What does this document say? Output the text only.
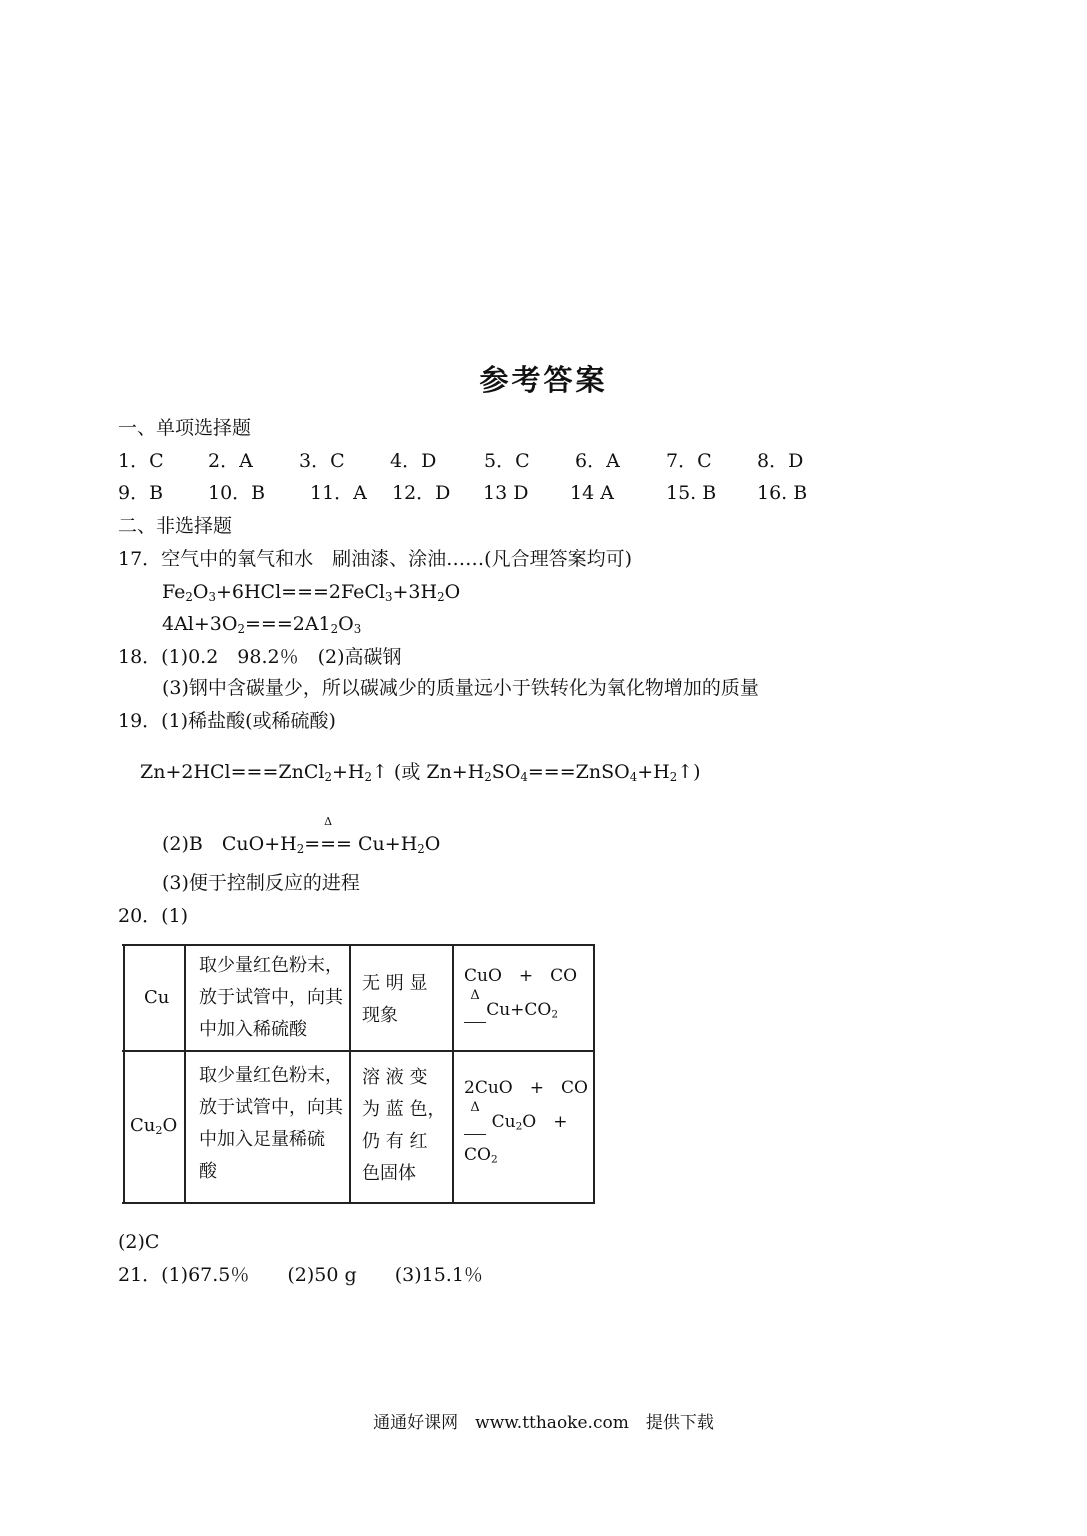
参考答案
一、单项选择题
1．C 2．A 3．C 4．D	5．C 6．A 7．C 8．D
9．B 10．B 11．A 12．D 13 D 14 A	15. B 16. B
二、非选择题
17．空气中的氧气和水　刷油漆、涂油……(凡合理答案均可)
$Fe_2O_3+6HCl===2FeCl_3+3H_2O$
$4Al+3O_2===2A1_2O_3$
18．(1)0.2　98.2％　(2)高碳钢
(3)钢中含碳量少，所以碳减少的质量远小于铁转化为氧化物增加的质量
19．(1)稀盐酸(或稀硫酸)
$Zn+2HCl===ZnCl_2+H_2↑$ (或 $Zn+H_2SO_4===ZnSO_4+H_2↑$)
(2)B　$CuO+H_2$
Δ
=== $Cu+H_2O$
(3)便于控制反应的进程
20．(1)
Cu
取少量红色粉末，
放于试管中，向其
中加入稀硫酸
无 明 显
现象
CuO　+　CO
Δ
$Cu+CO_2$
$Cu_2O$
取少量红色粉末，
放于试管中，向其
中加入足量稀硫
酸
溶 液 变
为 蓝 色，
仍 有 红
色固体
2CuO　+　CO
Δ
$Cu_2O$　+
$CO_2$
(2)C
21．(1)67.5％　　(2)50 g　　(3)15.1％
通通好课网　www.tthaoke.com　提供下载
